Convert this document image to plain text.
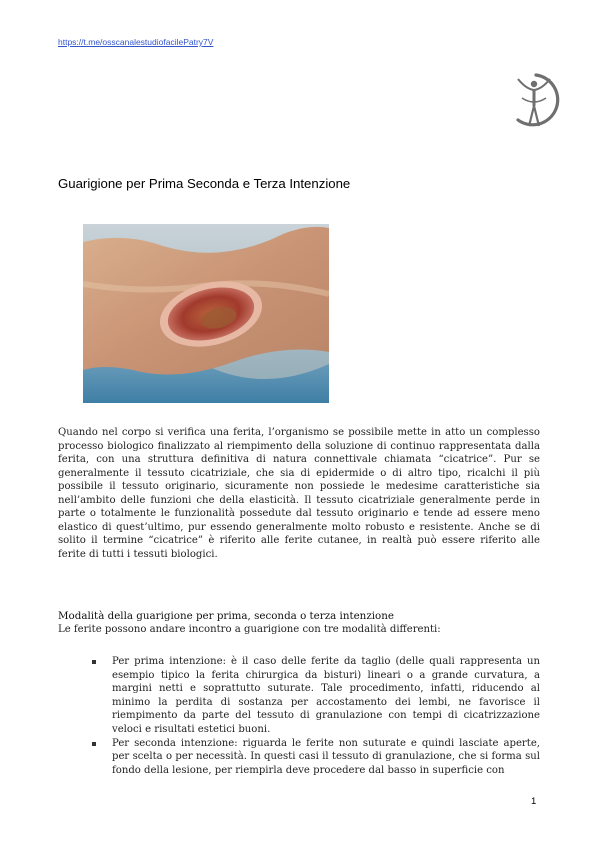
https://t.me/osscanalestudiofacilePatry7V
Guarigione per Prima Seconda e Terza Intenzione

Quando nel corpo si verifica una ferita, l’organismo se possibile mette in atto un complesso processo biologico finalizzato al riempimento della soluzione di continuo rappresentata dalla ferita, con una struttura definitiva di natura connettivale chiamata “cicatrice”. Pur se generalmente il tessuto cicatriziale, che sia di epidermide o di altro tipo, ricalchi il più possibile il tessuto originario, sicuramente non possiede le medesime caratteristiche sia nell’ambito delle funzioni che della elasticità. Il tessuto cicatriziale generalmente perde in parte o totalmente le funzionalità possedute dal tessuto originario e tende ad essere meno elastico di quest’ultimo, pur essendo generalmente molto robusto e resistente. Anche se di solito il termine “cicatrice” è riferito alle ferite cutanee, in realtà può essere riferito alle ferite di tutti i tessuti biologici.

Modalità della guarigione per prima, seconda o terza intenzione

Le ferite possono andare incontro a guarigione con tre modalità differenti:

Per prima intenzione: è il caso delle ferite da taglio (delle quali rappresenta un esempio tipico la ferita chirurgica da bisturi) lineari o a grande curvatura, a margini netti e soprattutto suturate. Tale procedimento, infatti, riducendo al minimo la perdita di sostanza per accostamento dei lembi, ne favorisce il riempimento da parte del tessuto di granulazione con tempi di cicatrizzazione veloci e risultati estetici buoni.
Per seconda intenzione: riguarda le ferite non suturate e quindi lasciate aperte, per scelta o per necessità. In questi casi il tessuto di granulazione, che si forma sul fondo della lesione, per riempirla deve procedere dal basso in superficie con
1
